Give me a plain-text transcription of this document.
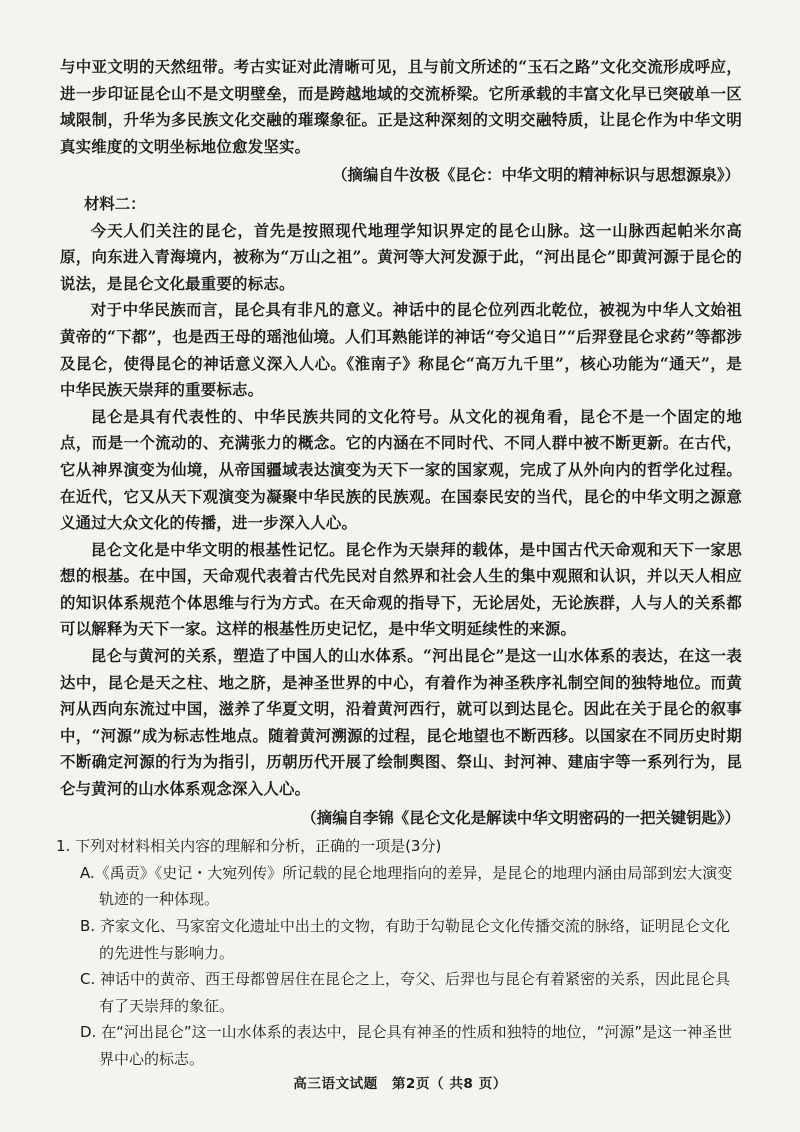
与中亚文明的天然纽带。考古实证对此清晰可见，且与前文所述的“玉石之路”文化交流形成呼应，进一步印证昆仑山不是文明壁垒，而是跨越地域的交流桥梁。它所承载的丰富文化早已突破单一区域限制，升华为多民族文化交融的璀璨象征。正是这种深刻的文明交融特质，让昆仑作为中华文明真实维度的文明坐标地位愈发坚实。

（摘编自牛汝极《昆仑：中华文明的精神标识与思想源泉》）

材料二：

今天人们关注的昆仑，首先是按照现代地理学知识界定的昆仑山脉。这一山脉西起帕米尔高原，向东进入青海境内，被称为“万山之祖”。黄河等大河发源于此，“河出昆仑”即黄河源于昆仑的说法，是昆仑文化最重要的标志。

对于中华民族而言，昆仑具有非凡的意义。神话中的昆仑位列西北乾位，被视为中华人文始祖黄帝的“下都”，也是西王母的瑶池仙境。人们耳熟能详的神话“夸父追日”“后羿登昆仑求药”等都涉及昆仑，使得昆仑的神话意义深入人心。《淮南子》称昆仑“高万九千里”，核心功能为“通天”，是中华民族天崇拜的重要标志。

昆仑是具有代表性的、中华民族共同的文化符号。从文化的视角看，昆仑不是一个固定的地点，而是一个流动的、充满张力的概念。它的内涵在不同时代、不同人群中被不断更新。在古代，它从神界演变为仙境，从帝国疆域表达演变为天下一家的国家观，完成了从外向内的哲学化过程。在近代，它又从天下观演变为凝聚中华民族的民族观。在国泰民安的当代，昆仑的中华文明之源意义通过大众文化的传播，进一步深入人心。

昆仑文化是中华文明的根基性记忆。昆仑作为天崇拜的载体，是中国古代天命观和天下一家思想的根基。在中国，天命观代表着古代先民对自然界和社会人生的集中观照和认识，并以天人相应的知识体系规范个体思维与行为方式。在天命观的指导下，无论居处，无论族群，人与人的关系都可以解释为天下一家。这样的根基性历史记忆，是中华文明延续性的来源。

昆仑与黄河的关系，塑造了中国人的山水体系。“河出昆仑”是这一山水体系的表达，在这一表达中，昆仑是天之柱、地之脐，是神圣世界的中心，有着作为神圣秩序礼制空间的独特地位。而黄河从西向东流过中国，滋养了华夏文明，沿着黄河西行，就可以到达昆仑。因此在关于昆仑的叙事中，“河源”成为标志性地点。随着黄河溯源的过程，昆仑地望也不断西移。以国家在不同历史时期不断确定河源的行为为指引，历朝历代开展了绘制舆图、祭山、封河神、建庙宇等一系列行为，昆仑与黄河的山水体系观念深入人心。

（摘编自李锦《昆仑文化是解读中华文明密码的一把关键钥匙》）

1. 下列对材料相关内容的理解和分析，正确的一项是(3分)

A.《禹贡》《史记・大宛列传》所记载的昆仑地理指向的差异，是昆仑的地理内涵由局部到宏大演变轨迹的一种体现。

B. 齐家文化、马家窑文化遗址中出土的文物，有助于勾勒昆仑文化传播交流的脉络，证明昆仑文化的先进性与影响力。

C. 神话中的黄帝、西王母都曾居住在昆仑之上，夸父、后羿也与昆仑有着紧密的关系，因此昆仑具有了天崇拜的象征。

D. 在“河出昆仑”这一山水体系的表达中，昆仑具有神圣的性质和独特的地位，“河源”是这一神圣世界中心的标志。

高三语文试题　第2页（ 共8 页）
